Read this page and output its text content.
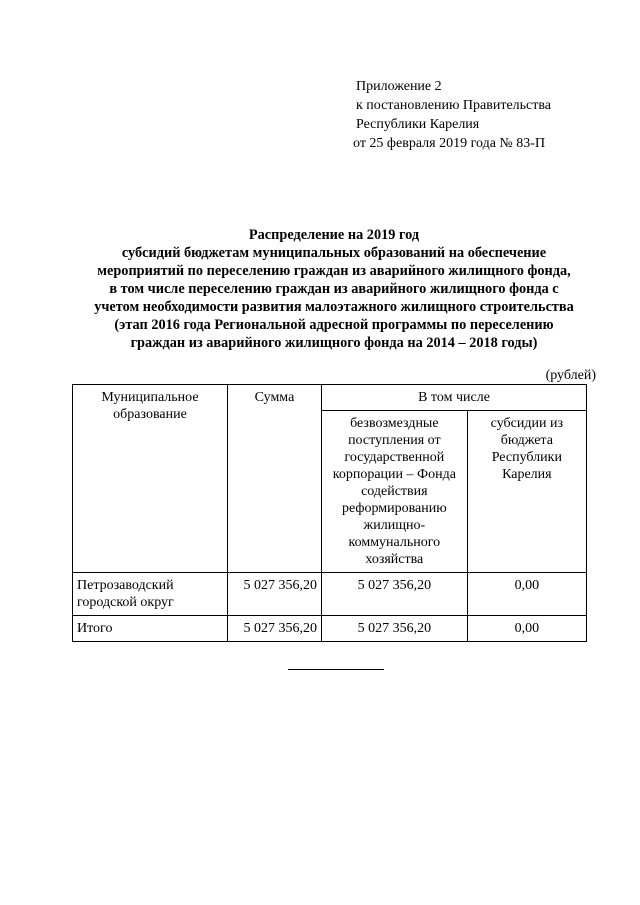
Приложение 2
к постановлению Правительства
Республики Карелия
от 25 февраля 2019 года № 83-П
Распределение на 2019 год
субсидий бюджетам муниципальных образований на обеспечение
мероприятий по переселению граждан из аварийного жилищного фонда,
в том числе переселению граждан из аварийного жилищного фонда с
учетом необходимости развития малоэтажного жилищного строительства
(этап 2016 года Региональной адресной программы по переселению
граждан из аварийного жилищного фонда на 2014 – 2018 годы)
(рублей)
Муниципальное образование	Сумма	В том числе	
		безвозмездные поступления от государственной корпорации – Фонда содействия реформированию жилищно-коммунального хозяйства	субсидии из бюджета Республики Карелия
Петрозаводский городской округ	5 027 356,20	5 027 356,20	0,00
Итого	5 027 356,20	5 027 356,20	0,00
